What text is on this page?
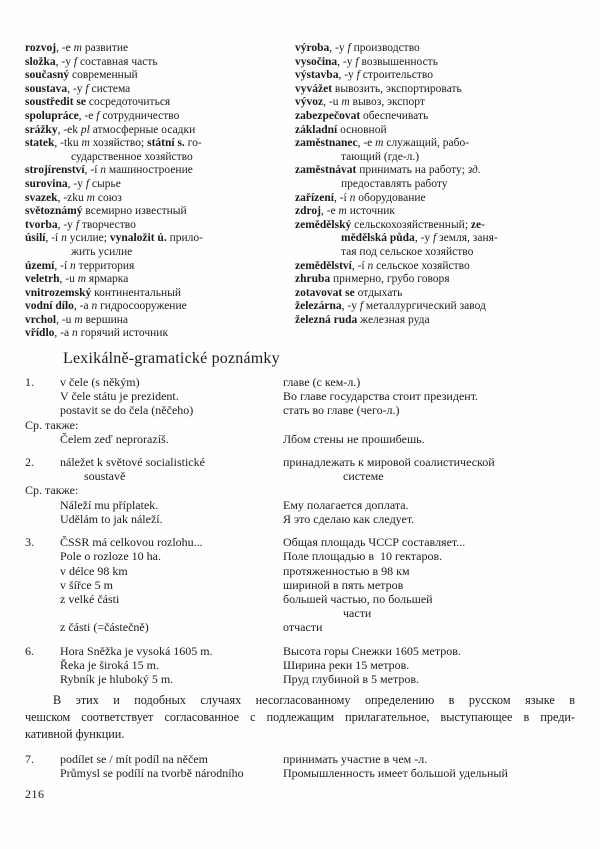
rozvoj, -e m развитие
složka, -y f составная часть
současný современный
soustava, -y f система
soustředit se сосредоточиться
spolupráce, -e f сотрудничество
srážky, -ek pl атмосферные осадки
statek, -tku m хозяйство; státní s. го-
сударственное хозяйство
strojírenství, -í n машиностроение
surovina, -y f сырье
svazek, -zku m союз
světoznámý всемирно известный
tvorba, -y f творчество
úsilí, -í n усилие; vynaložit ú. прило-
жить усилие
území, -í n территория
veletrh, -u m ярмарка
vnitrozemský континентальный
vodní dílo, -a n гидросооружение
vrchol, -u m вершина
vřídlo, -a n горячий источник
výroba, -y f производство
vysočina, -y f возвышенность
výstavba, -y f строительство
vyvážet вывозить, экспортировать
vývoz, -u m вывоз, экспорт
zabezpečovat обеспечивать
základní основной
zaměstnanec, -e m служащий, рабо-
тающий (где-л.)
zaměstnávat принимать на работу; зд.
предоставлять работу
zařízení, -í n оборудование
zdroj, -e m источник
zemědělský сельскохозяйственный; ze-
mědělská půda, -y f земля, заня-
тая под сельское хозяйство
zemědělství, -í n сельское хозяйство
zhruba примерно, грубо говоря
zotavovat se отдыхать
železárna, -y f металлургический завод
železná ruda железная руда
Lexikálně-gramatické poznámky
1.	v čele (s někým)	главе (с кем-л.)
V čele státu je prezident.	Во главе государства стоит президент.
postavit se do čela (něčeho)	стать во главе (чего-л.)
Ср. также:
Čelem zeď neprorazíš.	Лбом стены не прошибешь.
2.	náležet k světové socialistické	принадлежать к мировой соалистической
soustavě	системе
Ср. также:
Náleží mu příplatek.	Ему полагается доплата.
Udělám to jak náleží.	Я это сделаю как следует.
3.	ČSSR má celkovou rozlohu...	Общая площадь ЧССР составляет...
Pole o rozloze 10 ha.	Поле площадью в  10 гектаров.
v délce 98 km	протяженностью в 98 км
v šířce 5 m	шириной в пять метров
z velké části	большей частью, по большей
части
z části (=částečně)	отчасти
6.	Hora Sněžka je vysoká 1605 m.	Высота горы Снежки 1605 метров.
Řeka je široká 15 m.	Ширина реки 15 метров.
Rybník je hluboký 5 m.	Пруд глубиной в 5 метров.
В этих и подобных случаях несогласованному определению в русском языке в
чешском соответствует согласованное с подлежащим прилагательное, выступающее в преди-
кативной функции.
7.	podílet se / mít podíl na něčem	принимать участие в чем -л.
Průmysl se podílí na tvorbě národního	Промышленность имеет большой удельный
216
